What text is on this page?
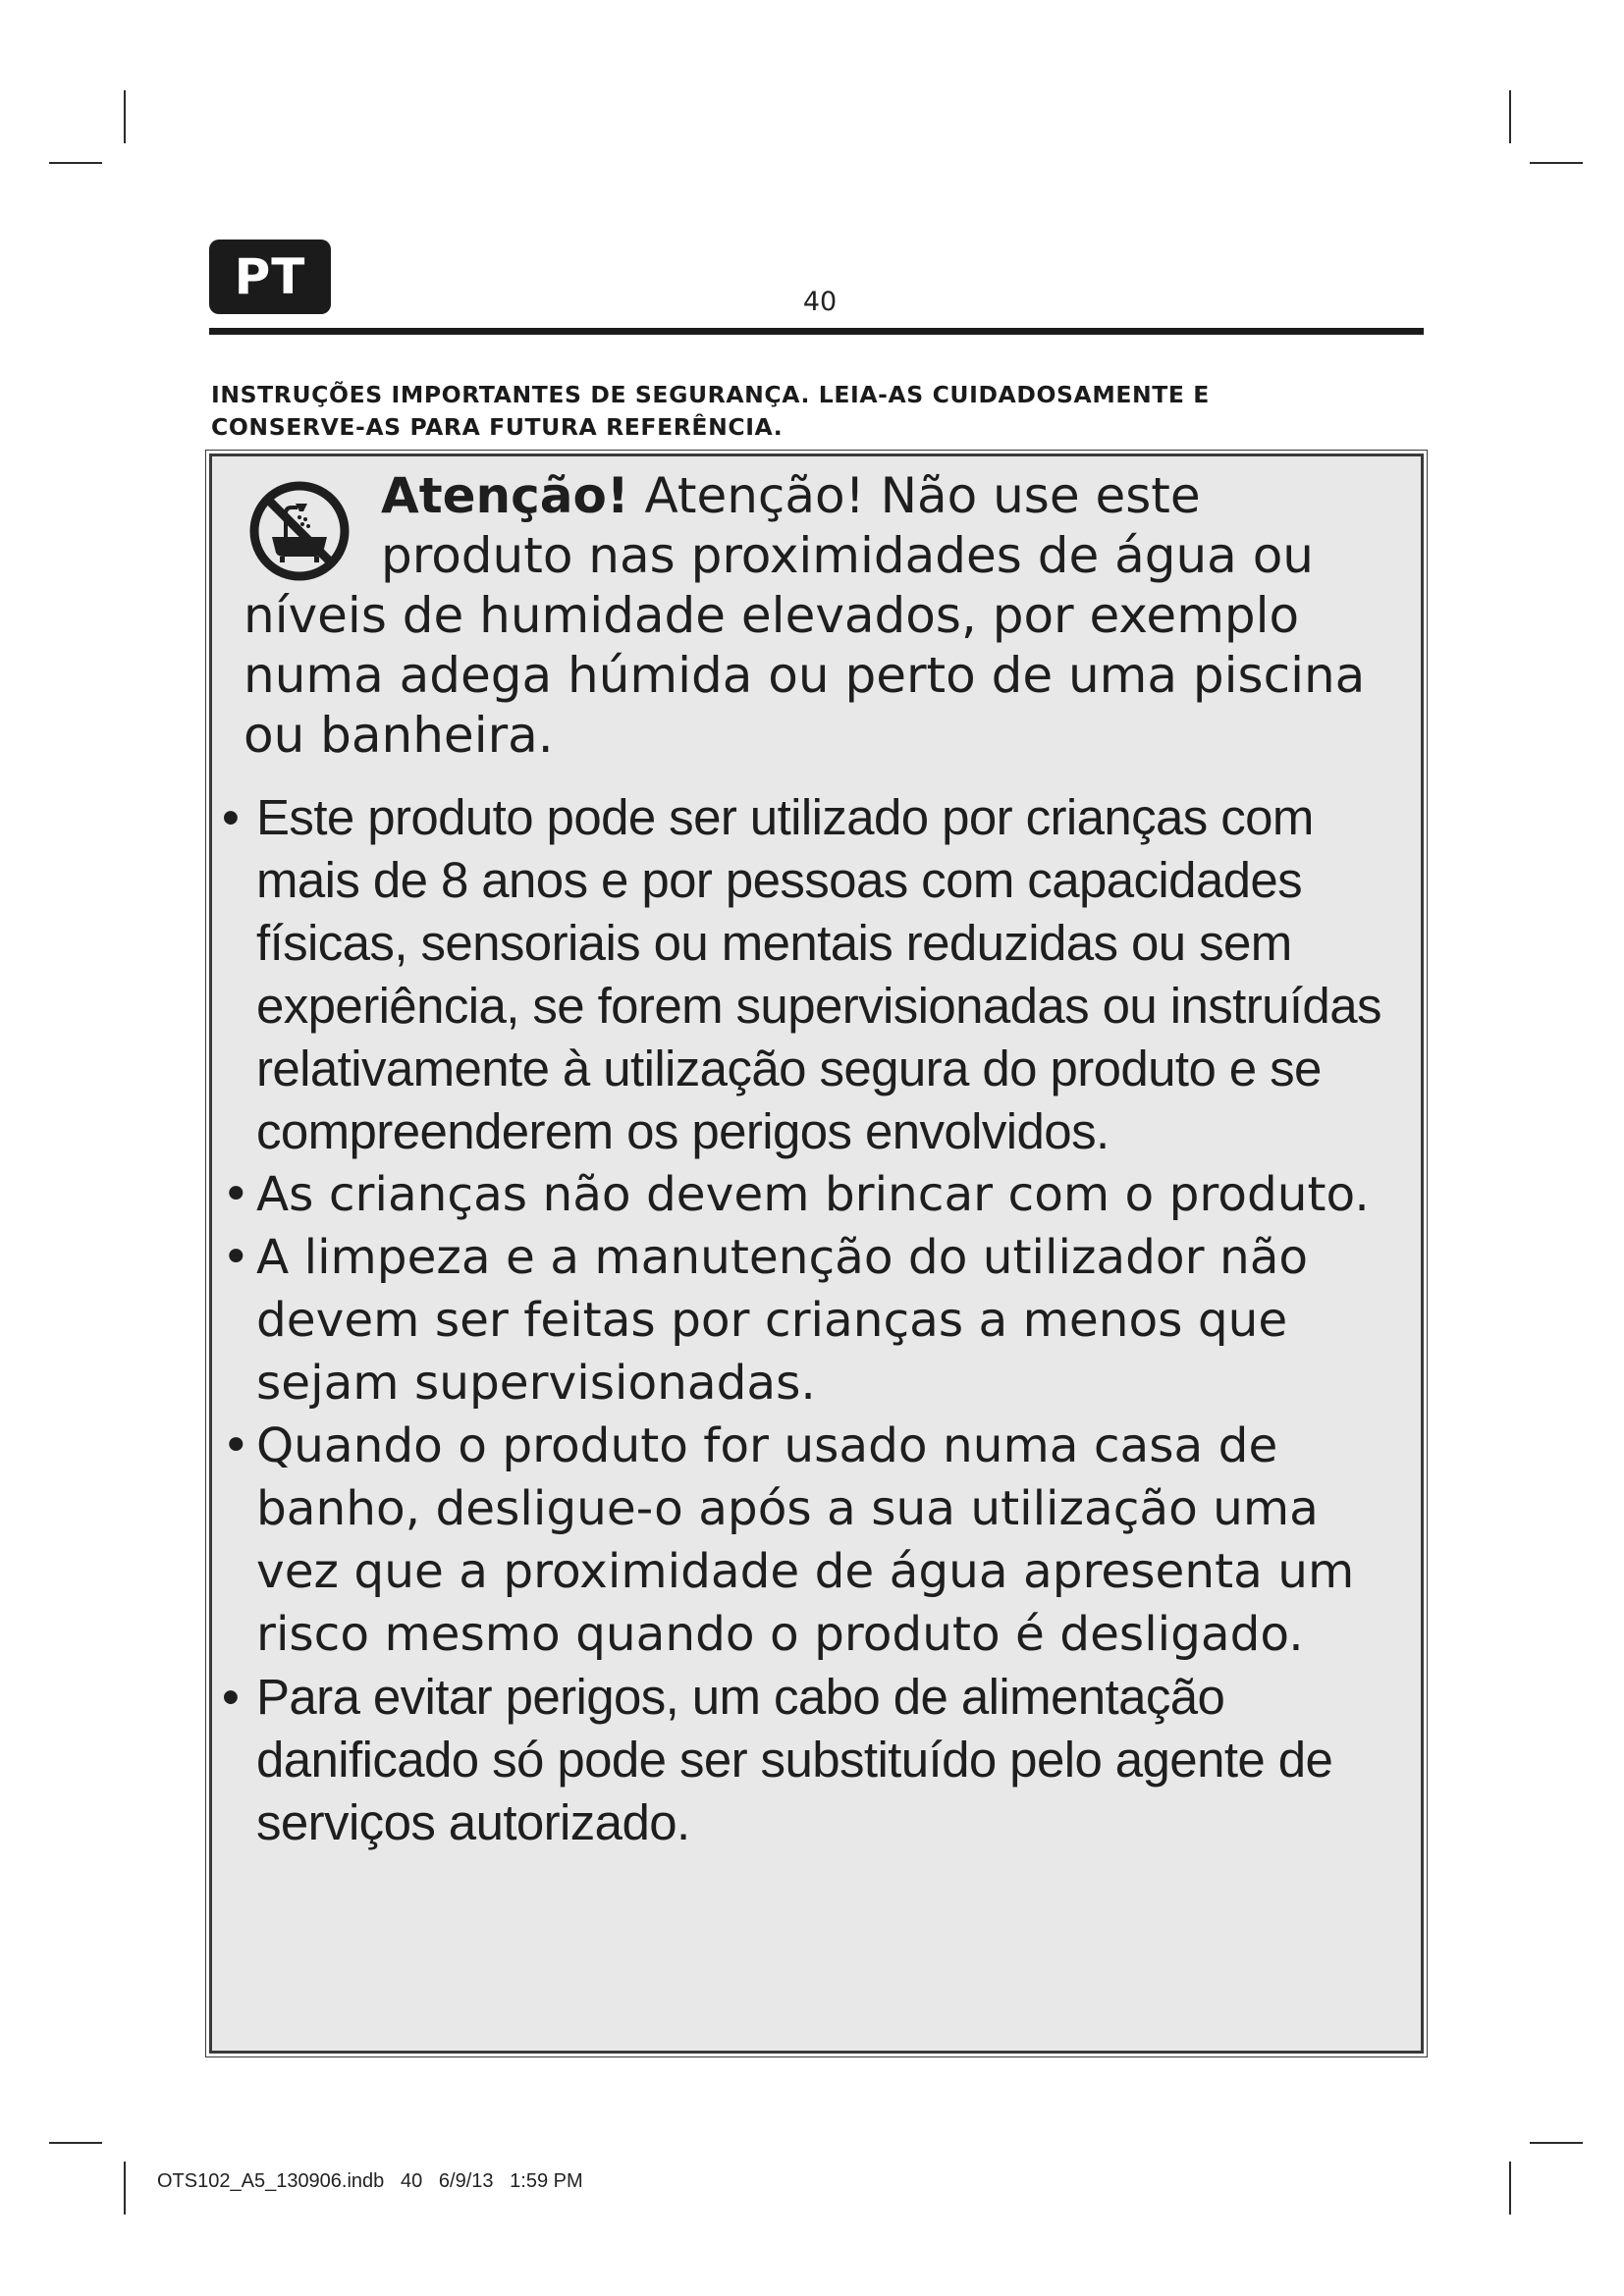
PT	40
INSTRUÇÕES IMPORTANTES DE SEGURANÇA. LEIA-AS CUIDADOSAMENTE E
CONSERVE-AS PARA FUTURA REFERÊNCIA.
Atenção! Atenção! Não use este produto nas proximidades de água ou níveis de humidade elevados, por exemplo numa adega húmida ou perto de uma piscina ou banheira.
• Este produto pode ser utilizado por crianças com mais de 8 anos e por pessoas com capacidades físicas, sensoriais ou mentais reduzidas ou sem experiência, se forem supervisionadas ou instruídas relativamente à utilização segura do produto e se compreenderem os perigos envolvidos.
• As crianças não devem brincar com o produto.
• A limpeza e a manutenção do utilizador não devem ser feitas por crianças a menos que sejam supervisionadas.
• Quando o produto for usado numa casa de banho, desligue-o após a sua utilização uma vez que a proximidade de água apresenta um risco mesmo quando o produto é desligado.
• Para evitar perigos, um cabo de alimentação danificado só pode ser substituído pelo agente de serviços autorizado.
OTS102_A5_130906.indb   40   6/9/13   1:59 PM
